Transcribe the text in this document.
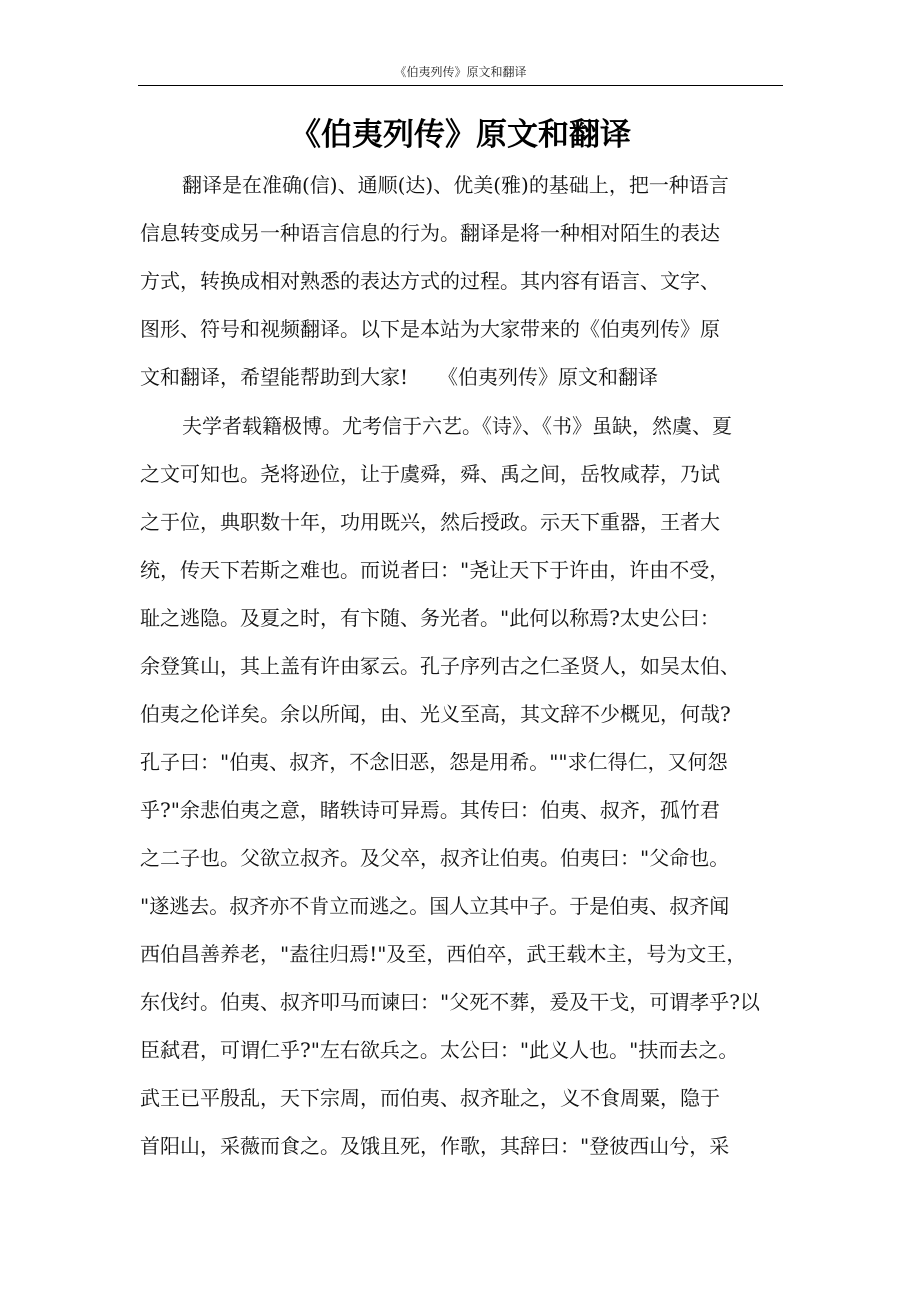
《伯夷列传》原文和翻译
《伯夷列传》原文和翻译
翻译是在准确(信)、通顺(达)、优美(雅)的基础上，把一种语言
信息转变成另一种语言信息的行为。翻译是将一种相对陌生的表达
方式，转换成相对熟悉的表达方式的过程。其内容有语言、文字、
图形、符号和视频翻译。以下是本站为大家带来的《伯夷列传》原
文和翻译，希望能帮助到大家!　　《伯夷列传》原文和翻译
夫学者载籍极博。尤考信于六艺。《诗》、《书》虽缺，然虞、夏
之文可知也。尧将逊位，让于虞舜，舜、禹之间，岳牧咸荐，乃试
之于位，典职数十年，功用既兴，然后授政。示天下重器，王者大
统，传天下若斯之难也。而说者曰："尧让天下于许由，许由不受，
耻之逃隐。及夏之时，有卞随、务光者。"此何以称焉?太史公曰：
余登箕山，其上盖有许由冢云。孔子序列古之仁圣贤人，如吴太伯、
伯夷之伦详矣。余以所闻，由、光义至高，其文辞不少概见，何哉?
孔子曰："伯夷、叔齐，不念旧恶，怨是用希。""求仁得仁，又何怨
乎?"余悲伯夷之意，睹轶诗可异焉。其传曰：伯夷、叔齐，孤竹君
之二子也。父欲立叔齐。及父卒，叔齐让伯夷。伯夷曰："父命也。
"遂逃去。叔齐亦不肯立而逃之。国人立其中子。于是伯夷、叔齐闻
西伯昌善养老，"盍往归焉!"及至，西伯卒，武王载木主，号为文王，
东伐纣。伯夷、叔齐叩马而谏曰："父死不葬，爰及干戈，可谓孝乎?以
臣弑君，可谓仁乎?"左右欲兵之。太公曰："此义人也。"扶而去之。
武王已平殷乱，天下宗周，而伯夷、叔齐耻之，义不食周粟，隐于
首阳山，采薇而食之。及饿且死，作歌，其辞曰："登彼西山兮，采
